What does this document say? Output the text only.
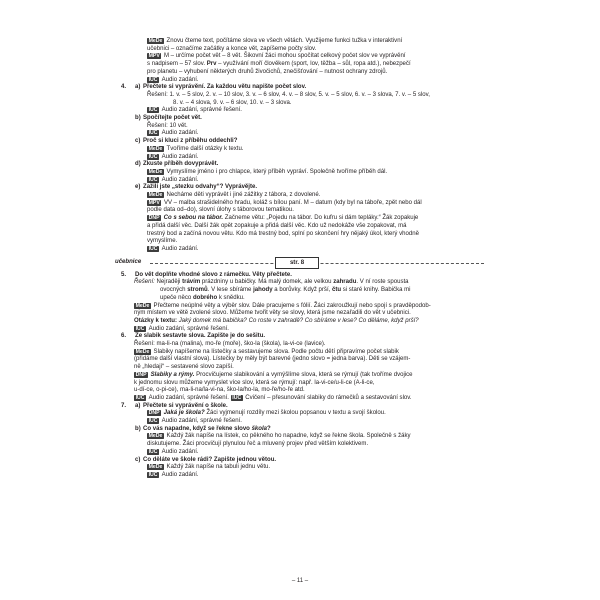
MeDe Znovu čteme text, počítáme slova ve všech větách. Využijeme funkci tužka v interaktivní

učebnici – označíme začátky a konce vět, zapíšeme počty slov.

MPV M – určíme počet vět – 8 vět. Šikovní žáci mohou spočítat celkový počet slov ve vyprávění

s nadpisem – 57 slov. Prv – využívání moří člověkem (sport, lov, těžba – sůl, ropa atd.), nebezpečí

pro planetu – vyhubení některých druhů živočichů, znečišťování – nutnost ochrany zdrojů.

IUC Audio zadání.

4.	a) Přečtete si vyprávění. Za každou větu napište počet slov.

Řešení: 1. v. – 5 slov, 2. v. – 10 slov, 3. v. – 6 slov, 4. v. – 8 slov, 5. v. – 5 slov, 6. v. – 3 slova, 7. v. – 5 slov,

8. v. – 4 slova, 9. v. – 6 slov, 10. v. – 3 slova.

IUC Audio zadání, správné řešení.

b) Spočítejte počet vět.

Řešení: 10 vět.

IUC Audio zadání.

c) Proč si kluci z příběhu oddechli?

MeDe Tvoříme další otázky k textu.

IUC Audio zadání.

d) Zkuste příběh dovyprávět.

MeDe Vymyslíme jméno i pro chlapce, který příběh vypráví. Společně tvoříme příběh dál.

IUC Audio zadání.

e) Zažili jste „stezku odvahy“? Vyprávějte.

MeDe Necháme děti vyprávět i jiné zážitky z tábora, z dovolené.

MPV VV – malba strašidelného hradu, koláž s bílou paní. M – datum (kdy byl na táboře, zpět nebo dál

podle data od–do), slovní úlohy s táborovou tematikou.

DNP Co s sebou na tábor. Začneme větu: „Pojedu na tábor. Do kufru si dám tepláky.“ Žák zopakuje

a přidá další věc. Další žák opět zopakuje a přidá další věc. Kdo už nedokáže vše zopakovat, má

trestný bod a začíná novou větu. Kdo má trestný bod, splní po skončení hry nějaký úkol, který vhodně

vymyslíme.

IUC Audio zadání.

učebnice	str. 8
5.	Do vět doplňte vhodné slovo z rámečku. Věty přečtete.

Řešení: Nejraději trávím prázdniny u babičky. Má malý domek, ale velkou zahradu. V ní roste spousta

ovocných stromů. V lese sbíráme jahody a borůvky. Když prší, čtu si staré knihy. Babička mi

upeče něco dobrého k snědku.

MeDe Přečteme neúplné věty a výběr slov. Dále pracujeme s fólií. Žáci zakroužkují nebo spojí s pravděpodob-

ným místem ve větě zvolené slovo. Můžeme tvořit věty se slovy, která jsme nezařadili do vět v učebnici.

Otázky k textu: Jaký domek má babička? Co roste v zahradě? Co sbíráme v lese? Co děláme, když prší?

IUC Audio zadání, správné řešení.

6.	Ze slabik sestavte slova. Zapište je do sešitu.

Řešení: ma-li-na (malina), mo-ře (moře), ško-la (škola), la-vi-ce (lavice).

MeDe Slabiky napíšeme na lístečky a sestavujeme slova. Podle počtu dětí připravíme počet slabik

(přidáme další vlastní slova). Lístečky by měly být barevné (jedno slovo = jedna barva). Děti se vzájem-

ně „hledají“ – sestavené slovo zapíší.

DNP Slabiky a rýmy. Procvičujeme slabikování a vymýšlíme slova, která se rýmují (tak tvoříme dvojice

k jednomu slovu můžeme vymyslet více slov, která se rýmují: např. la-vi-ce/u-li-ce (A-li-ce,

u-dí-ce, o-pi-ce), ma-li-na/la-vi-na, ško-la/ho-la, mo-ře/ho-ře atd.

IUC Audio zadání, správné řešení. IUC Cvičení – přesunování slabiky do rámečků a sestavování slov.

7.	a) Přečtete si vyprávění o škole.

DNP Jaká je škola? Žáci vyjmenují rozdíly mezi školou popsanou v textu a svojí školou.

IUC Audio zadání, správné řešení.

b) Co vás napadne, když se řekne slovo škola?

MeDe Každý žák napíše na lístek, co pěkného ho napadne, když se řekne škola. Společně s žáky

diskutujeme. Žáci procvičují plynulou řeč a mluvený projev před větším kolektivem.

IUC Audio zadání.

c) Co děláte ve škole rádi? Zapište jednou větou.

MeDe Každý žák napíše na tabuli jednu větu.

IUC Audio zadání.

– 11 –
